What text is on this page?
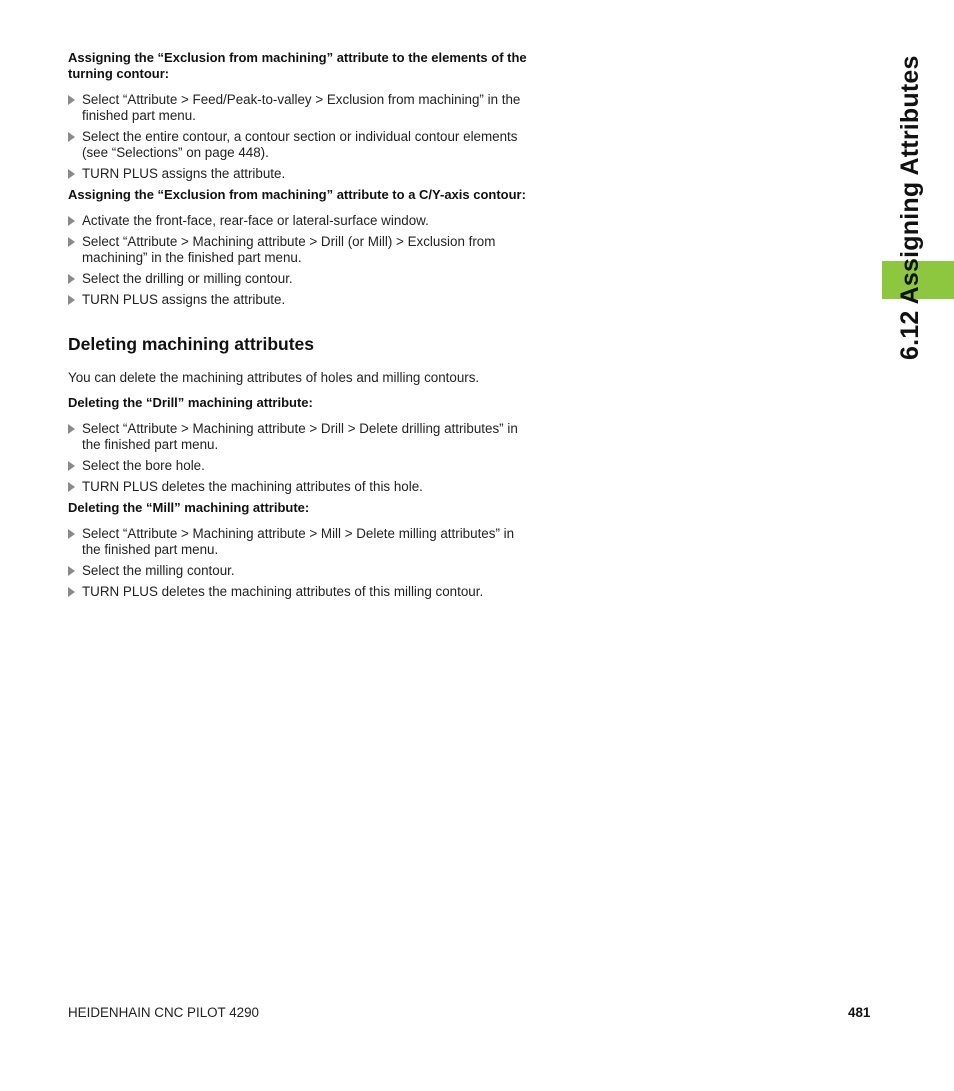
6.12 Assigning Attributes
Assigning the “Exclusion from machining” attribute to the elements of the turning contour:
Select “Attribute > Feed/Peak-to-valley > Exclusion from machining” in the finished part menu.
Select the entire contour, a contour section or individual contour elements (see “Selections” on page 448).
TURN PLUS assigns the attribute.
Assigning the “Exclusion from machining” attribute to a C/Y-axis contour:
Activate the front-face, rear-face or lateral-surface window.
Select “Attribute > Machining attribute > Drill (or Mill) > Exclusion from machining” in the finished part menu.
Select the drilling or milling contour.
TURN PLUS assigns the attribute.
Deleting machining attributes

You can delete the machining attributes of holes and milling contours.

Deleting the “Drill” machining attribute:
Select “Attribute > Machining attribute > Drill > Delete drilling attributes” in the finished part menu.
Select the bore hole.
TURN PLUS deletes the machining attributes of this hole.
Deleting the “Mill” machining attribute:
Select “Attribute > Machining attribute > Mill > Delete milling attributes” in the finished part menu.
Select the milling contour.
TURN PLUS deletes the machining attributes of this milling contour.
HEIDENHAIN CNC PILOT 4290	481
